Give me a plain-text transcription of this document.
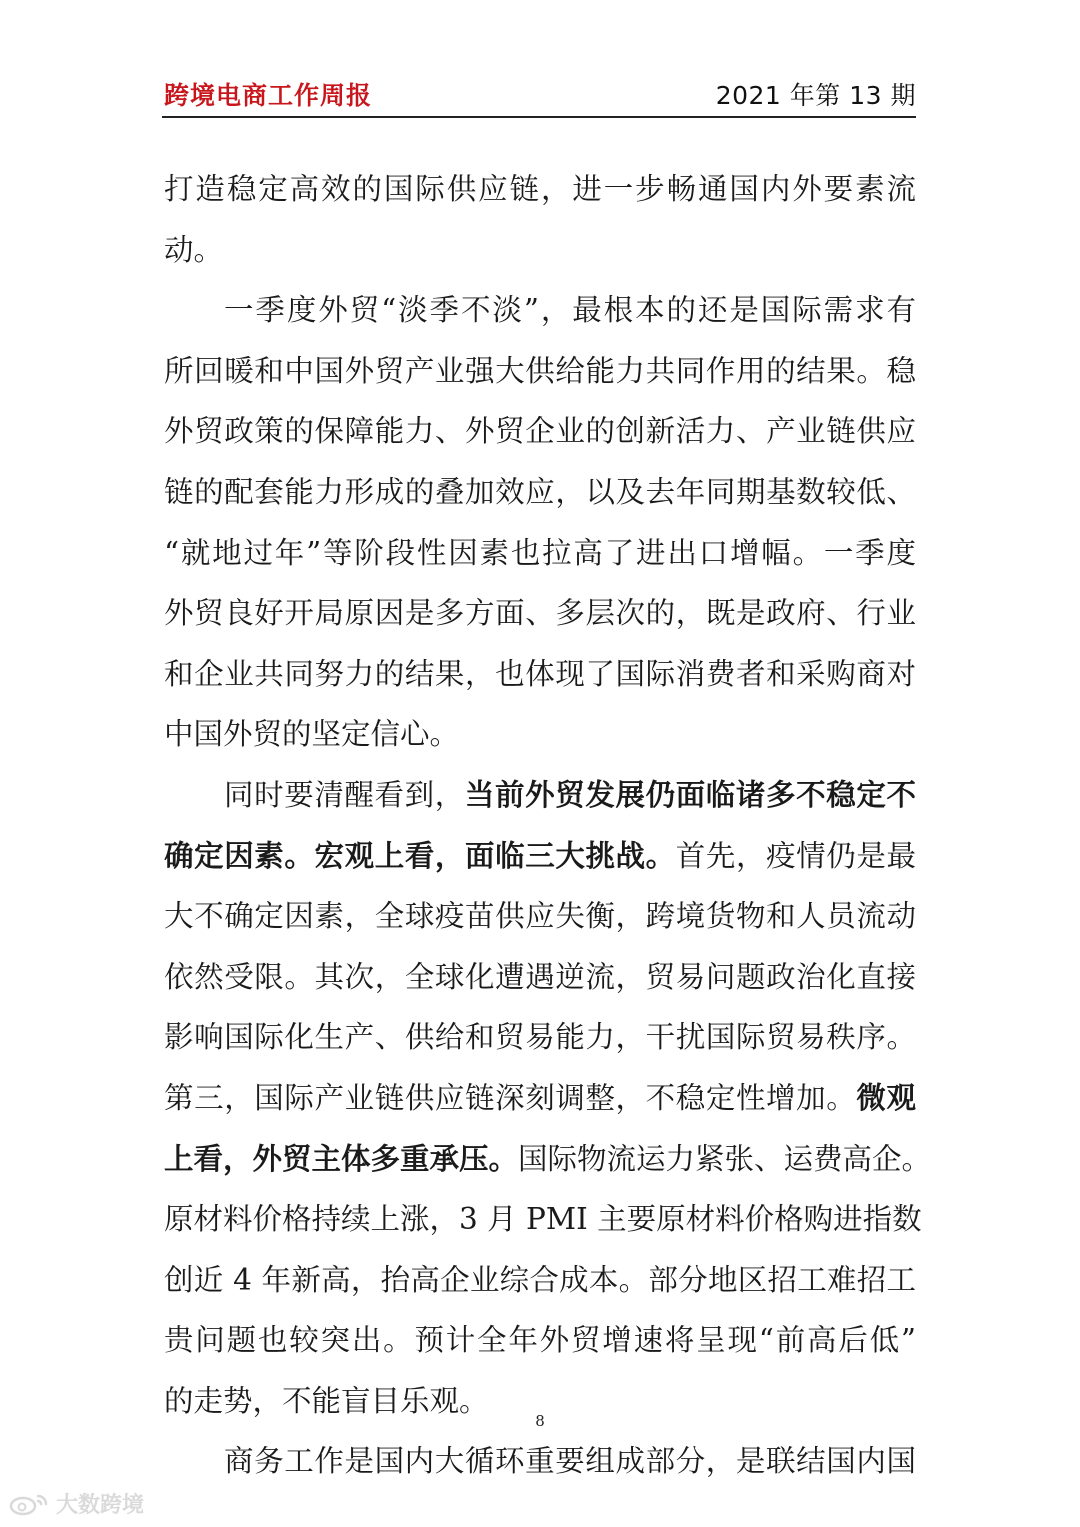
跨境电商工作周报	2021 年第 13 期
打造稳定高效的国际供应链，进一步畅通国内外要素流
动。
一季度外贸“淡季不淡”，最根本的还是国际需求有
所回暖和中国外贸产业强大供给能力共同作用的结果。稳
外贸政策的保障能力、外贸企业的创新活力、产业链供应
链的配套能力形成的叠加效应，以及去年同期基数较低、
“就地过年”等阶段性因素也拉高了进出口增幅。一季度
外贸良好开局原因是多方面、多层次的，既是政府、行业
和企业共同努力的结果，也体现了国际消费者和采购商对
中国外贸的坚定信心。
同时要清醒看到，当前外贸发展仍面临诸多不稳定不
确定因素。宏观上看，面临三大挑战。首先，疫情仍是最
大不确定因素，全球疫苗供应失衡，跨境货物和人员流动
依然受限。其次，全球化遭遇逆流，贸易问题政治化直接
影响国际化生产、供给和贸易能力，干扰国际贸易秩序。
第三，国际产业链供应链深刻调整，不稳定性增加。微观
上看，外贸主体多重承压。国际物流运力紧张、运费高企。
原材料价格持续上涨，3 月 PMI 主要原材料价格购进指数
创近 4 年新高，抬高企业综合成本。部分地区招工难招工
贵问题也较突出。预计全年外贸增速将呈现“前高后低”
的走势，不能盲目乐观。
商务工作是国内大循环重要组成部分，是联结国内国
8
大数跨境
